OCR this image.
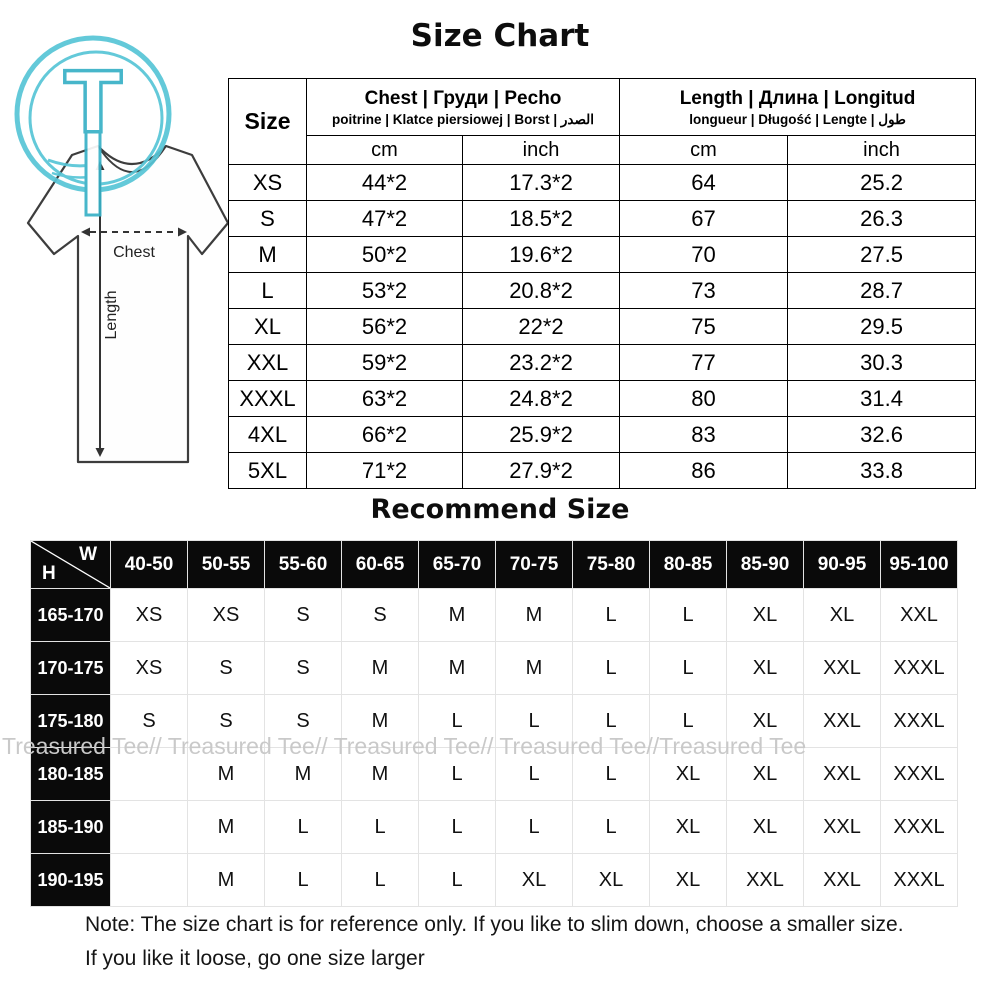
Size Chart
Chest
Length
T	Size	
Chest | Груди | Pecho
poitrine | Klatce piersiowej | Borst | الصدر

Length | Длина | Longitud
longueur | Długość | Lengte | طول

	cm	inch	cm	inch
XS	44*2	17.3*2	64	25.2
S	47*2	18.5*2	67	26.3
M	50*2	19.6*2	70	27.5
L	53*2	20.8*2	73	28.7
XL	56*2	22*2	75	29.5
XXL	59*2	23.2*2	77	30.3
XXXL	63*2	24.8*2	80	31.4
4XL	66*2	25.9*2	83	32.6
5XL	71*2	27.9*2	86	33.8
Recommend Size
W
H	40-50	50-55	55-60	60-65	65-70	70-75	75-80	80-85	85-90	90-95	95-100
165-170	XS	XS	S	S	M	M	L	L	XL	XL	XXL
170-175	XS	S	S	M	M	M	L	L	XL	XXL	XXXL
175-180	S	S	S	M	L	L	L	L	XL	XXL	XXXL
180-185		M	M	M	L	L	L	XL	XL	XXL	XXXL
185-190		M	L	L	L	L	L	XL	XL	XXL	XXXL
190-195		M	L	L	L	XL	XL	XL	XXL	XXL	XXXL
Treasured Tee// Treasured Tee// Treasured Tee// Treasured Tee//Treasured Tee
Note: The size chart is for reference only. If you like to slim down, choose a smaller size.
If you like it loose, go one size larger
